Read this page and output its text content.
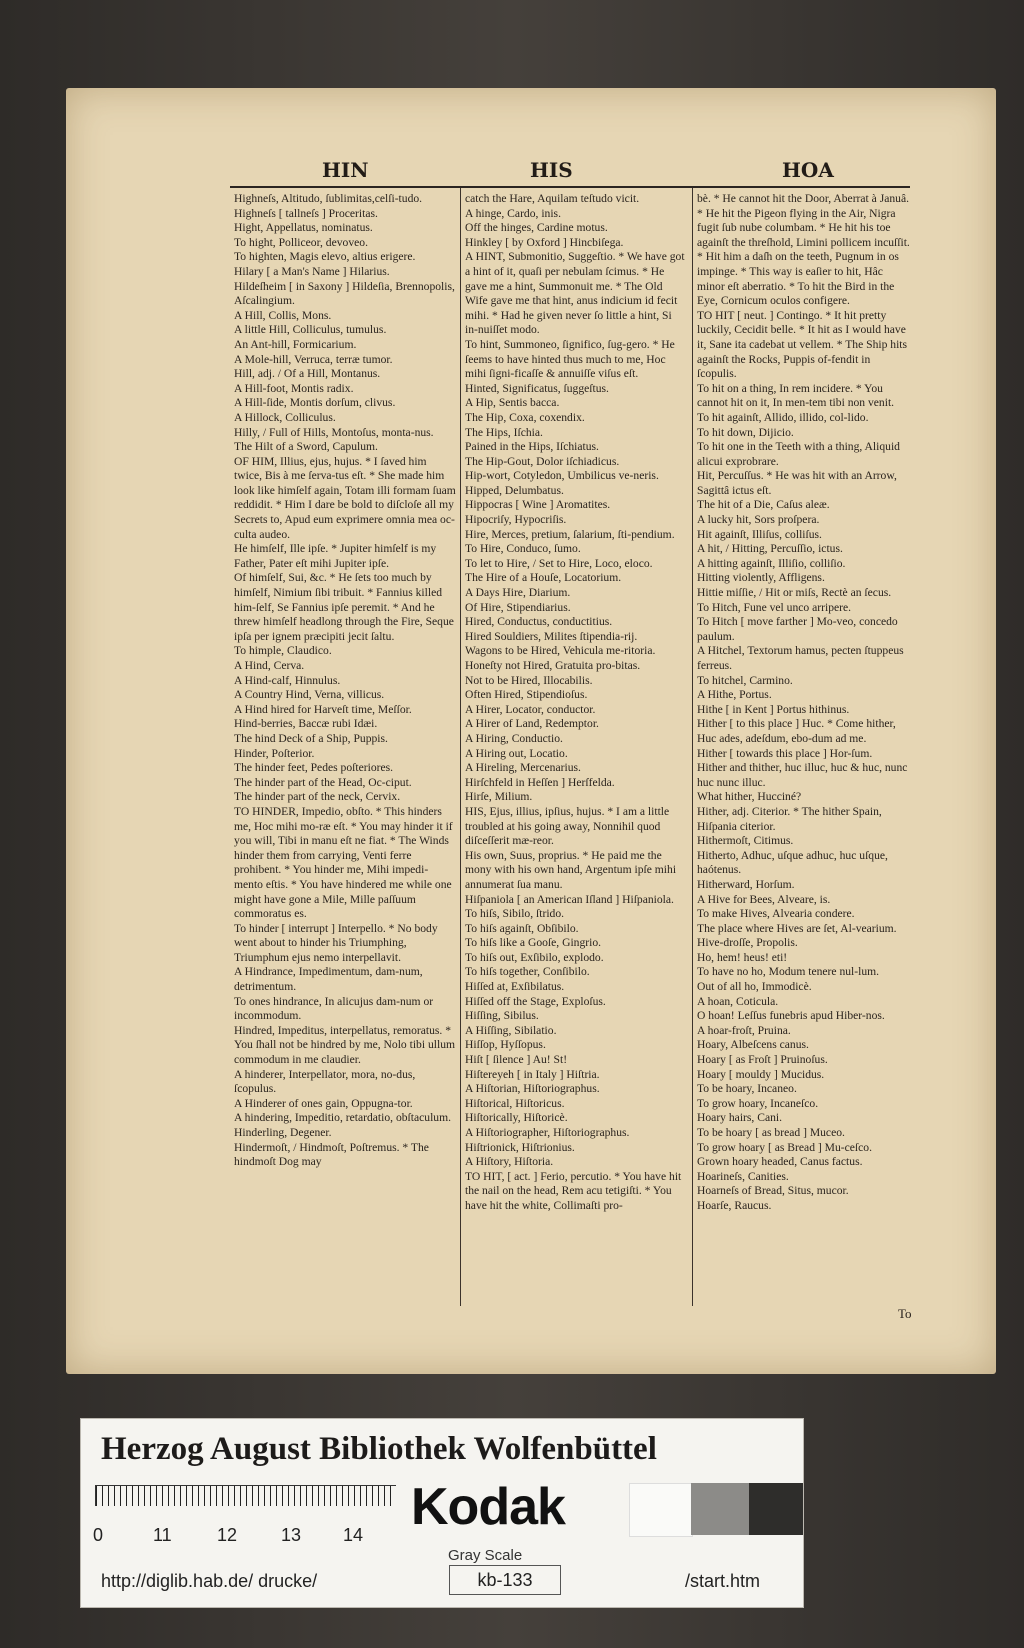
HIN	HIS	HOA

Highneſs, Altitudo, ſublimitas,celſi-tudo.

Highneſs [ tallneſs ] Proceritas.

Hight, Appellatus, nominatus.

To hight, Polliceor, devoveo.

To highten, Magis elevo, altius erigere.

Hilary [ a Man's Name ] Hilarius.

Hildeſheim [ in Saxony ] Hildeſia, Brennopolis, Aſcalingium.

A Hill, Collis, Mons.

A little Hill, Colliculus, tumulus.

An Ant-hill, Formicarium.

A Mole-hill, Verruca, terræ tumor.

Hill, adj. / Of a Hill, Montanus.

A Hill-foot, Montis radix.

A Hill-ſide, Montis dorſum, clivus.

A Hillock, Colliculus.

Hilly, / Full of Hills, Montoſus, monta-nus.

The Hilt of a Sword, Capulum.

OF HIM, Illius, ejus, hujus. * I ſaved him twice, Bis à me ſerva-tus eſt. * She made him look like himſelf again, Totam illi formam ſuam reddidit. * Him I dare be bold to diſcloſe all my Secrets to, Apud eum exprimere omnia mea oc-culta audeo.

He himſelf, Ille ipſe. * Jupiter himſelf is my Father, Pater eſt mihi Jupiter ipſe.

Of himſelf, Sui, &c. * He ſets too much by himſelf, Nimium ſibi tribuit. * Fannius killed him-ſelf, Se Fannius ipſe peremit. * And he threw himſelf headlong through the Fire, Seque ipſa per ignem præcipiti jecit ſaltu.

To himple, Claudico.

A Hind, Cerva.

A Hind-calf, Hinnulus.

A Country Hind, Verna, villicus.

A Hind hired for Harveſt time, Meſſor.

Hind-berries, Baccæ rubi Idæi.

The hind Deck of a Ship, Puppis.

Hinder, Poſterior.

The hinder feet, Pedes poſteriores.

The hinder part of the Head, Oc-ciput.

The hinder part of the neck, Cervix.

TO HINDER, Impedio, obſto. * This hinders me, Hoc mihi mo-ræ eſt. * You may hinder it if you will, Tibi in manu eſt ne fiat. * The Winds hinder them from carrying, Venti ferre prohibent. * You hinder me, Mihi impedi-mento eſtis. * You have hindered me while one might have gone a Mile, Mille paſſuum commoratus es.

To hinder [ interrupt ] Interpello. * No body went about to hinder his Triumphing, Triumphum ejus nemo interpellavit.

A Hindrance, Impedimentum, dam-num, detrimentum.

To ones hindrance, In alicujus dam-num or incommodum.

Hindred, Impeditus, interpellatus, remoratus. * You ſhall not be hindred by me, Nolo tibi ullum commodum in me claudier.

A hinderer, Interpellator, mora, no-dus, ſcopulus.

A Hinderer of ones gain, Oppugna-tor.

A hindering, Impeditio, retardatio, obſtaculum.

Hinderling, Degener.

Hindermoſt, / Hindmoſt, Poſtremus. * The hindmoſt Dog may

catch the Hare, Aquilam teſtudo vicit.

A hinge, Cardo, inis.

Off the hinges, Cardine motus.

Hinkley [ by Oxford ] Hincbiſega.

A HINT, Submonitio, Suggeſtio. * We have got a hint of it, quaſi per nebulam ſcimus. * He gave me a hint, Summonuit me. * The Old Wife gave me that hint, anus indicium id fecit mihi. * Had he given never ſo little a hint, Si in-nuiſſet modo.

To hint, Summoneo, ſignifico, ſug-gero. * He ſeems to have hinted thus much to me, Hoc mihi ſigni-ficaſſe & annuiſſe viſus eſt.

Hinted, Significatus, ſuggeſtus.

A Hip, Sentis bacca.

The Hip, Coxa, coxendix.

The Hips, Iſchia.

Pained in the Hips, Iſchiatus.

The Hip-Gout, Dolor iſchiadicus.

Hip-wort, Cotyledon, Umbilicus ve-neris.

Hipped, Delumbatus.

Hippocras [ Wine ] Aromatites.

Hipocriſy, Hypocriſis.

Hire, Merces, pretium, ſalarium, ſti-pendium.

To Hire, Conduco, ſumo.

To let to Hire, / Set to Hire, Loco, eloco.

The Hire of a Houſe, Locatorium.

A Days Hire, Diarium.

Of Hire, Stipendiarius.

Hired, Conductus, conductitius.

Hired Souldiers, Milites ſtipendia-rij.

Wagons to be Hired, Vehicula me-ritoria.

Honeſty not Hired, Gratuita pro-bitas.

Not to be Hired, Illocabilis.

Often Hired, Stipendioſus.

A Hirer, Locator, conductor.

A Hirer of Land, Redemptor.

A Hiring, Conductio.

A Hiring out, Locatio.

A Hireling, Mercenarius.

Hirſchfeld in Heſſen ] Herſfelda.

Hirſe, Milium.

HIS, Ejus, illius, ipſius, hujus. * I am a little troubled at his going away, Nonnihil quod diſceſſerit mæ-reor.

His own, Suus, proprius. * He paid me the mony with his own hand, Argentum ipſe mihi annumerat ſua manu.

Hiſpaniola [ an American Iſland ] Hiſpaniola.

To hiſs, Sibilo, ſtrido.

To hiſs againſt, Obſibilo.

To hiſs like a Gooſe, Gingrio.

To hiſs out, Exſibilo, explodo.

To hiſs together, Conſibilo.

Hiſſed at, Exſibilatus.

Hiſſed off the Stage, Exploſus.

Hiſſing, Sibilus.

A Hiſſing, Sibilatio.

Hiſſop, Hyſſopus.

Hiſt [ ſilence ] Au! St!

Hiſtereyeh [ in Italy ] Hiſtria.

A Hiſtorian, Hiſtoriographus.

Hiſtorical, Hiſtoricus.

Hiſtorically, Hiſtoricè.

A Hiſtoriographer, Hiſtoriographus.

Hiſtrionick, Hiſtrionius.

A Hiſtory, Hiſtoria.

TO HIT, [ act. ] Ferio, percutio. * You have hit the nail on the head, Rem acu tetigiſti. * You have hit the white, Collimaſti pro-

bè. * He cannot hit the Door, Aberrat à Januâ. * He hit the Pigeon flying in the Air, Nigra fugit ſub nube columbam. * He hit his toe againſt the threſhold, Limini pollicem incuſſit. * Hit him a daſh on the teeth, Pugnum in os impinge. * This way is eaſier to hit, Hâc minor eſt aberratio. * To hit the Bird in the Eye, Cornicum oculos configere.

TO HIT [ neut. ] Contingo. * It hit pretty luckily, Cecidit belle. * It hit as I would have it, Sane ita cadebat ut vellem. * The Ship hits againſt the Rocks, Puppis of-fendit in ſcopulis.

To hit on a thing, In rem incidere. * You cannot hit on it, In men-tem tibi non venit.

To hit againſt, Allido, illido, col-lido.

To hit down, Dijicio.

To hit one in the Teeth with a thing, Aliquid alicui exprobrare.

Hit, Percuſſus. * He was hit with an Arrow, Sagittâ ictus eſt.

The hit of a Die, Caſus aleæ.

A lucky hit, Sors proſpera.

Hit againſt, Illiſus, colliſus.

A hit, / Hitting, Percuſſio, ictus.

A hitting againſt, Illiſio, colliſio.

Hitting violently, Affligens.

Hittie miſſie, / Hit or miſs, Rectè an ſecus.

To Hitch, Fune vel unco arripere.

To Hitch [ move farther ] Mo-veo, concedo paulum.

A Hitchel, Textorum hamus, pecten ſtuppeus ferreus.

To hitchel, Carmino.

A Hithe, Portus.

Hithe [ in Kent ] Portus hithinus.

Hither [ to this place ] Huc. * Come hither, Huc ades, adeſdum, ebo-dum ad me.

Hither [ towards this place ] Hor-ſum.

Hither and thither, huc illuc, huc & huc, nunc huc nunc illuc.

What hither, Hucciné?

Hither, adj. Citerior. * The hither Spain, Hiſpania citerior.

Hithermoſt, Citimus.

Hitherto, Adhuc, uſque adhuc, huc uſque, haótenus.

Hitherward, Horſum.

A Hive for Bees, Alveare, is.

To make Hives, Alvearia condere.

The place where Hives are ſet, Al-vearium.

Hive-droſſe, Propolis.

Ho, hem! heus! eti!

To have no ho, Modum tenere nul-lum.

Out of all ho, Immodicè.

A hoan, Coticula.

O hoan! Leſſus funebris apud Hiber-nos.

A hoar-froſt, Pruina.

Hoary, Albeſcens canus.

Hoary [ as Froſt ] Pruinoſus.

Hoary [ mouldy ] Mucidus.

To be hoary, Incaneo.

To grow hoary, Incaneſco.

Hoary hairs, Cani.

To be hoary [ as bread ] Muceo.

To grow hoary [ as Bread ] Mu-ceſco.

Grown hoary headed, Canus factus.

Hoarineſs, Canities.

Hoarneſs of Bread, Situs, mucor.

Hoarſe, Raucus.

To
Herzog August Bibliothek Wolfenbüttel
0	11	12 13 14 Kodak
Gray Scale
http://diglib.hab.de/ drucke/	kb-133	/start.htm
